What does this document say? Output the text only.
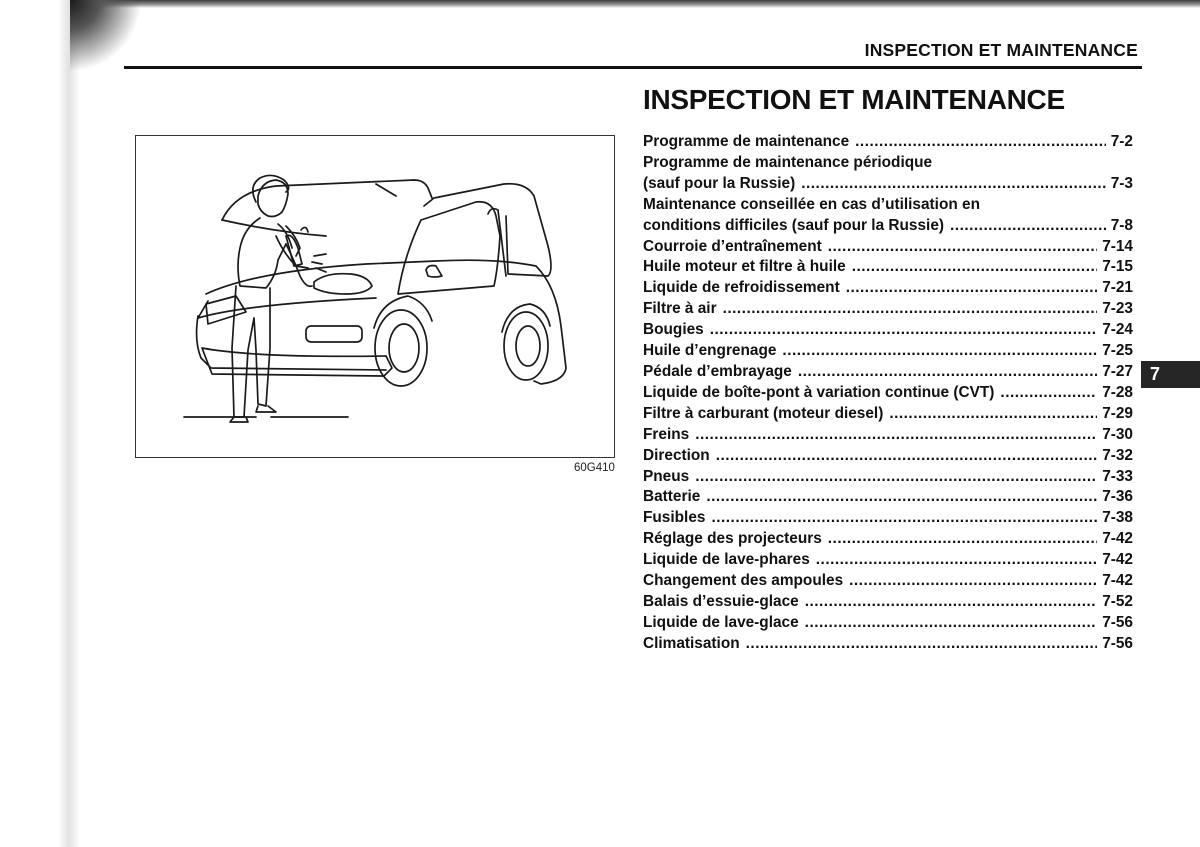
INSPECTION ET MAINTENANCE
INSPECTION ET MAINTENANCE
60G410
Programme de maintenance .....	7-2
Programme de maintenance périodique
(sauf pour la Russie) .....	7-3
Maintenance conseillée en cas d’utilisation en
conditions difficiles (sauf pour la Russie) .....	7-8
Courroie d’entraînement .....	7-14
Huile moteur et filtre à huile .....	7-15
Liquide de refroidissement .....	7-21
Filtre à air .....	7-23
Bougies .....	7-24
Huile d’engrenage .....	7-25
Pédale d’embrayage .....	7-27
Liquide de boîte-pont à variation continue (CVT) .....	7-28
Filtre à carburant (moteur diesel) .....	7-29
Freins .....	7-30
Direction .....	7-32
Pneus .....	7-33
Batterie .....	7-36
Fusibles .....	7-38
Réglage des projecteurs .....	7-42
Liquide de lave-phares .....	7-42
Changement des ampoules .....	7-42
Balais d’essuie-glace .....	7-52
Liquide de lave-glace .....	7-56
Climatisation .....	7-56
7
